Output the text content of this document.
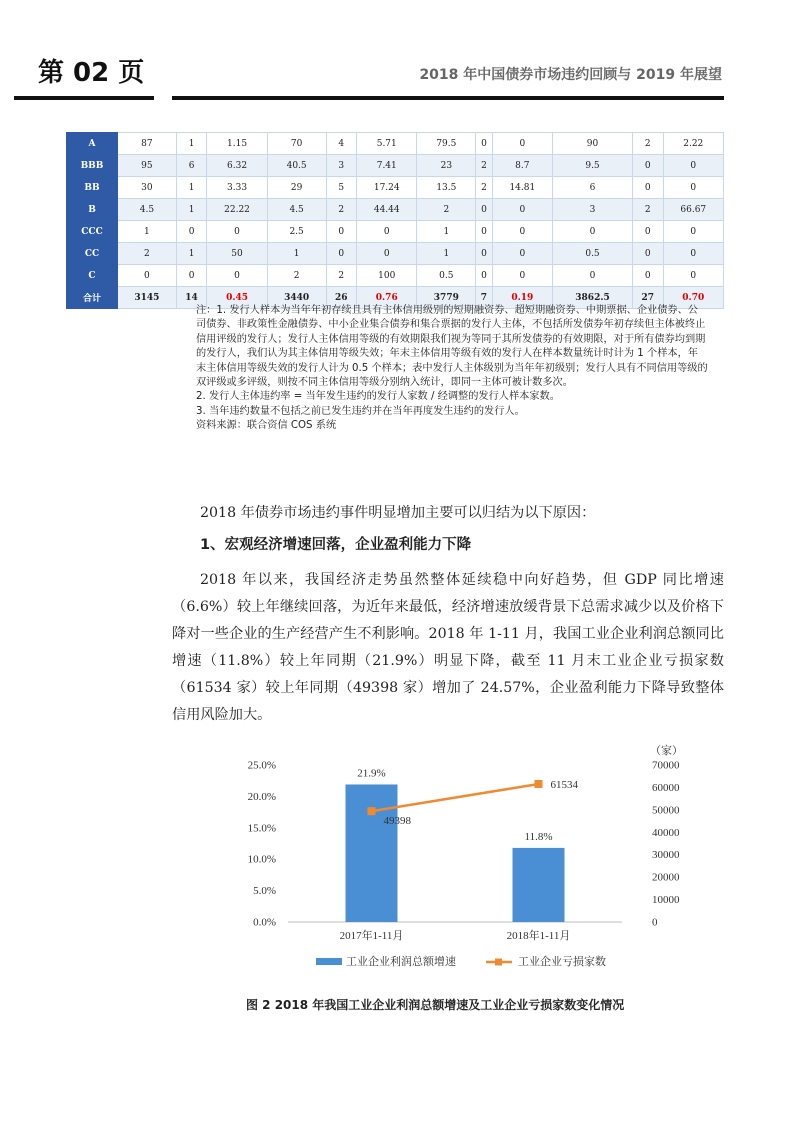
第 02 页	2018 年中国债券市场违约回顾与 2019 年展望
A	87	1	1.15	70	4	5.71	79.5	0	0	90	2	2.22
BBB	95	6	6.32	40.5	3	7.41	23	2	8.7	9.5	0	0
BB	30	1	3.33	29	5	17.24	13.5	2	14.81	6	0	0
B	4.5	1	22.22	4.5	2	44.44	2	0	0	3	2	66.67
CCC	1	0	0	2.5	0	0	1	0	0	0	0	0
CC	2	1	50	1	0	0	1	0	0	0.5	0	0
C	0	0	0	2	2	100	0.5	0	0	0	0	0
合计	3145	14	0.45	3440	26	0.76	3779	7	0.19	3862.5	27	0.70

注：1. 发行人样本为当年年初存续且具有主体信用级别的短期融资券、超短期融资券、中期票据、企业债券、公司债券、非政策性金融债券、中小企业集合债券和集合票据的发行人主体，不包括所发债券年初存续但主体被终止信用评级的发行人；发行人主体信用等级的有效期限我们视为等同于其所发债券的有效期限，对于所有债券均到期的发行人，我们认为其主体信用等级失效；年末主体信用等级有效的发行人在样本数量统计时计为 1 个样本，年末主体信用等级失效的发行人计为 0.5 个样本；表中发行人主体级别为当年年初级别；发行人具有不同信用等级的双评级或多评级，则按不同主体信用等级分别纳入统计，即同一主体可被计数多次。

2. 发行人主体违约率 = 当年发生违约的发行人家数 / 经调整的发行人样本家数。

3. 当年违约数量不包括之前已发生违约并在当年再度发生违约的发行人。

资料来源：联合资信 COS 系统

2018 年债券市场违约事件明显增加主要可以归结为以下原因：
1、宏观经济增速回落，企业盈利能力下降
2018 年以来，我国经济走势虽然整体延续稳中向好趋势，但 GDP 同比增速（6.6%）较上年继续回落，为近年来最低，经济增速放缓背景下总需求减少以及价格下降对一些企业的生产经营产生不利影响。2018 年 1-11 月，我国工业企业利润总额同比增速（11.8%）较上年同期（21.9%）明显下降，截至 11 月末工业企业亏损家数（61534 家）较上年同期（49398 家）增加了 24.57%，企业盈利能力下降导致整体信用风险加大。
0.0%
5.0%
10.0%
15.0%
20.0%
25.0%
0
10000
20000
30000
40000
50000
60000
70000
（家）
21.9%
11.8%
49398
61534
2017年1-11月	2018年1-11月
工业企业利润总额增速	工业企业亏损家数
图 2 2018 年我国工业企业利润总额增速及工业企业亏损家数变化情况
